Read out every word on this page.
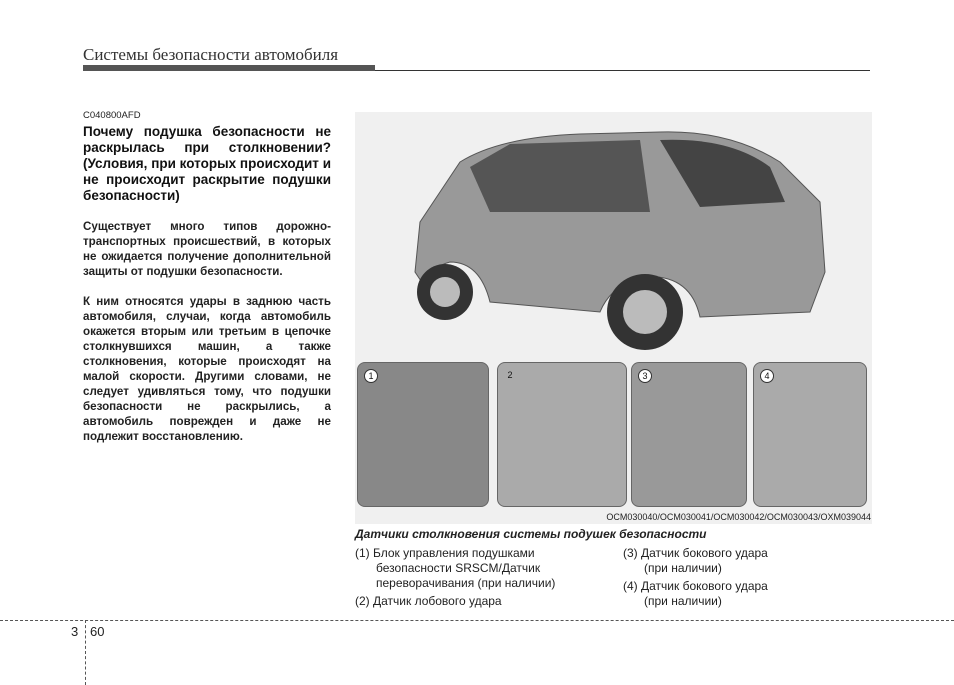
Системы безопасности автомобиля
C040800AFD
Почему подушка безопасности не раскрылась при столкновении? (Условия, при которых происходит и не происходит раскрытие подушки безопасности)
Существует много типов дорожно-транспортных происшествий, в которых не ожидается получение дополнительной защиты от подушки безопасности.
К ним относятся удары в заднюю часть автомобиля, случаи, когда автомобиль окажется вторым или третьим в цепочке столкнувшихся машин, а также столкновения, которые происходят на малой скорости. Другими словами, не следует удивляться тому, что подушки безопасности не раскрылись, а автомобиль поврежден и даже не подлежит восстановлению.
1	2	3	4
OCM030040/OCM030041/OCM030042/OCM030043/OXM039044
Датчики столкновения системы подушек безопасности
(1) Блок управления подушками
безопасности SRSCM/Датчик
переворачивания (при наличии)
(2) Датчик лобового удара
(3) Датчик бокового удара
(при наличии)
(4) Датчик бокового удара
(при наличии)
3 60
